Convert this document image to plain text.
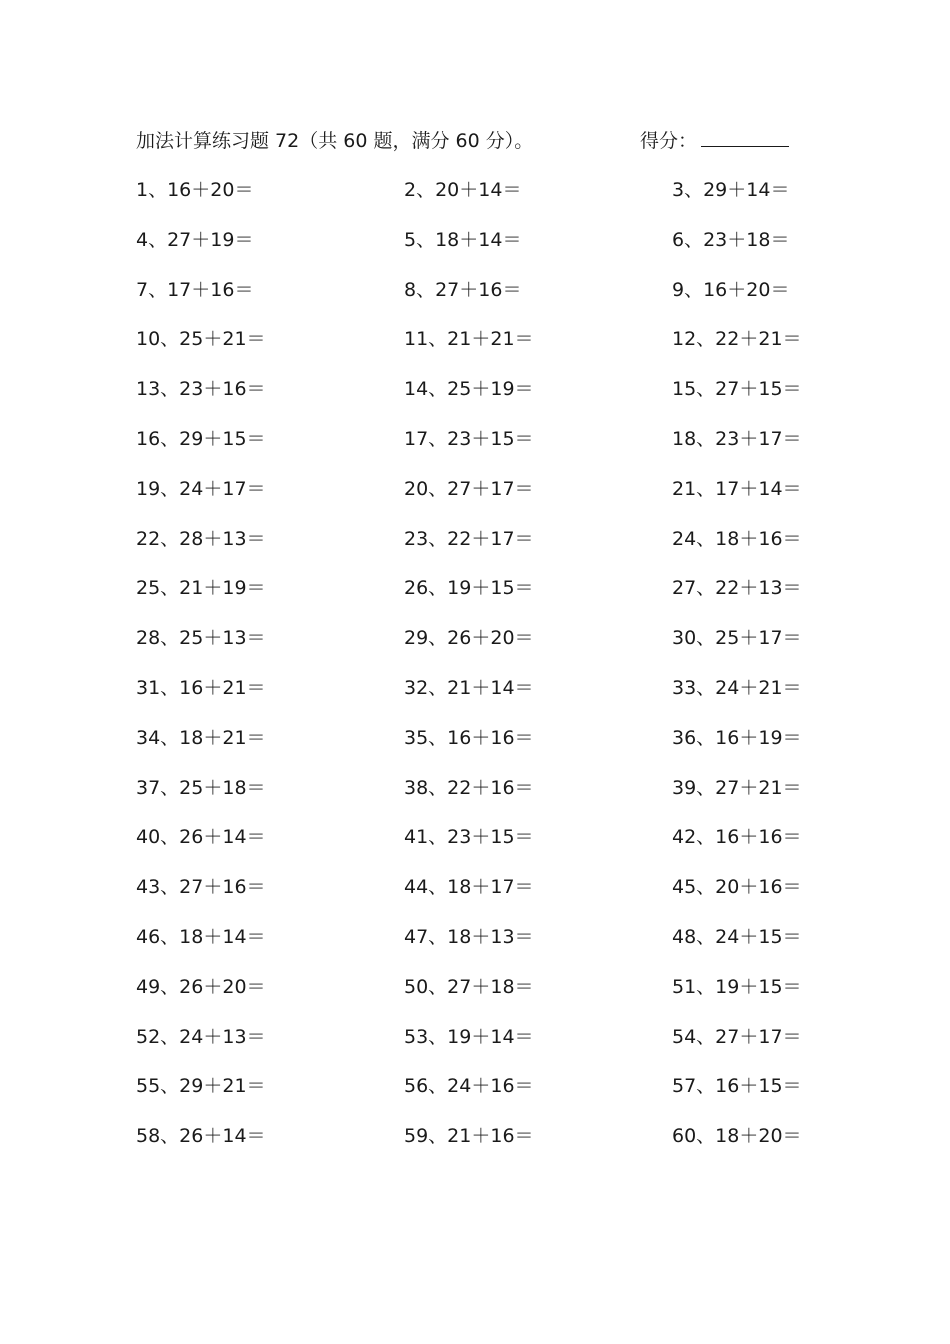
加法计算练习题 72（共 60 题，满分 60 分）。	得分：
1、16＋20＝	2、20＋14＝	3、29＋14＝
4、27＋19＝	5、18＋14＝	6、23＋18＝
7、17＋16＝	8、27＋16＝	9、16＋20＝
10、25＋21＝	11、21＋21＝	12、22＋21＝
13、23＋16＝	14、25＋19＝	15、27＋15＝
16、29＋15＝	17、23＋15＝	18、23＋17＝
19、24＋17＝	20、27＋17＝	21、17＋14＝
22、28＋13＝	23、22＋17＝	24、18＋16＝
25、21＋19＝	26、19＋15＝	27、22＋13＝
28、25＋13＝	29、26＋20＝	30、25＋17＝
31、16＋21＝	32、21＋14＝	33、24＋21＝
34、18＋21＝	35、16＋16＝	36、16＋19＝
37、25＋18＝	38、22＋16＝	39、27＋21＝
40、26＋14＝	41、23＋15＝	42、16＋16＝
43、27＋16＝	44、18＋17＝	45、20＋16＝
46、18＋14＝	47、18＋13＝	48、24＋15＝
49、26＋20＝	50、27＋18＝	51、19＋15＝
52、24＋13＝	53、19＋14＝	54、27＋17＝
55、29＋21＝	56、24＋16＝	57、16＋15＝
58、26＋14＝	59、21＋16＝	60、18＋20＝
